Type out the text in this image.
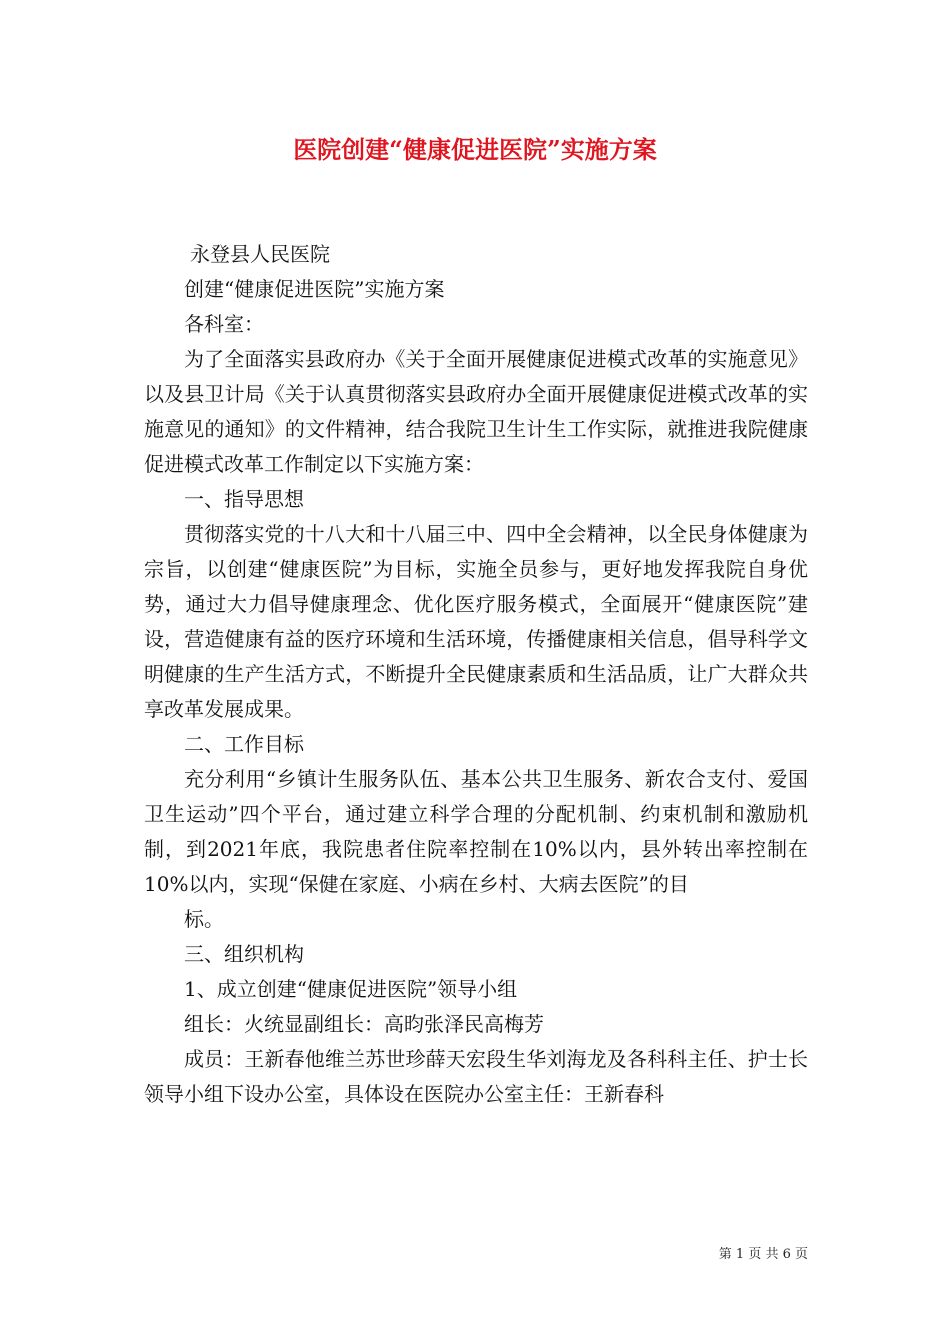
医院创建“健康促进医院”实施方案

永登县人民医院

创建“健康促进医院”实施方案

各科室：

为了全面落实县政府办《关于全面开展健康促进模式改革的实施意见》以及县卫计局《关于认真贯彻落实县政府办全面开展健康促进模式改革的实施意见的通知》的文件精神，结合我院卫生计生工作实际，就推进我院健康促进模式改革工作制定以下实施方案：

一、指导思想

贯彻落实党的十八大和十八届三中、四中全会精神，以全民身体健康为宗旨，以创建“健康医院”为目标，实施全员参与，更好地发挥我院自身优势，通过大力倡导健康理念、优化医疗服务模式，全面展开“健康医院”建设，营造健康有益的医疗环境和生活环境，传播健康相关信息，倡导科学文明健康的生产生活方式，不断提升全民健康素质和生活品质，让广大群众共享改革发展成果。

二、工作目标

充分利用“乡镇计生服务队伍、基本公共卫生服务、新农合支付、爱国卫生运动”四个平台，通过建立科学合理的分配机制、约束机制和激励机制，到2021年底，我院患者住院率控制在10%以内，县外转出率控制在10%以内，实现“保健在家庭、小病在乡村、大病去医院”的目

标。

三、组织机构

1、成立创建“健康促进医院”领导小组

组长：火统显副组长：高昀张泽民高梅芳

成员：王新春他维兰苏世珍薛天宏段生华刘海龙及各科科主任、护士长领导小组下设办公室，具体设在医院办公室主任：王新春科

第 1 页 共 6 页
